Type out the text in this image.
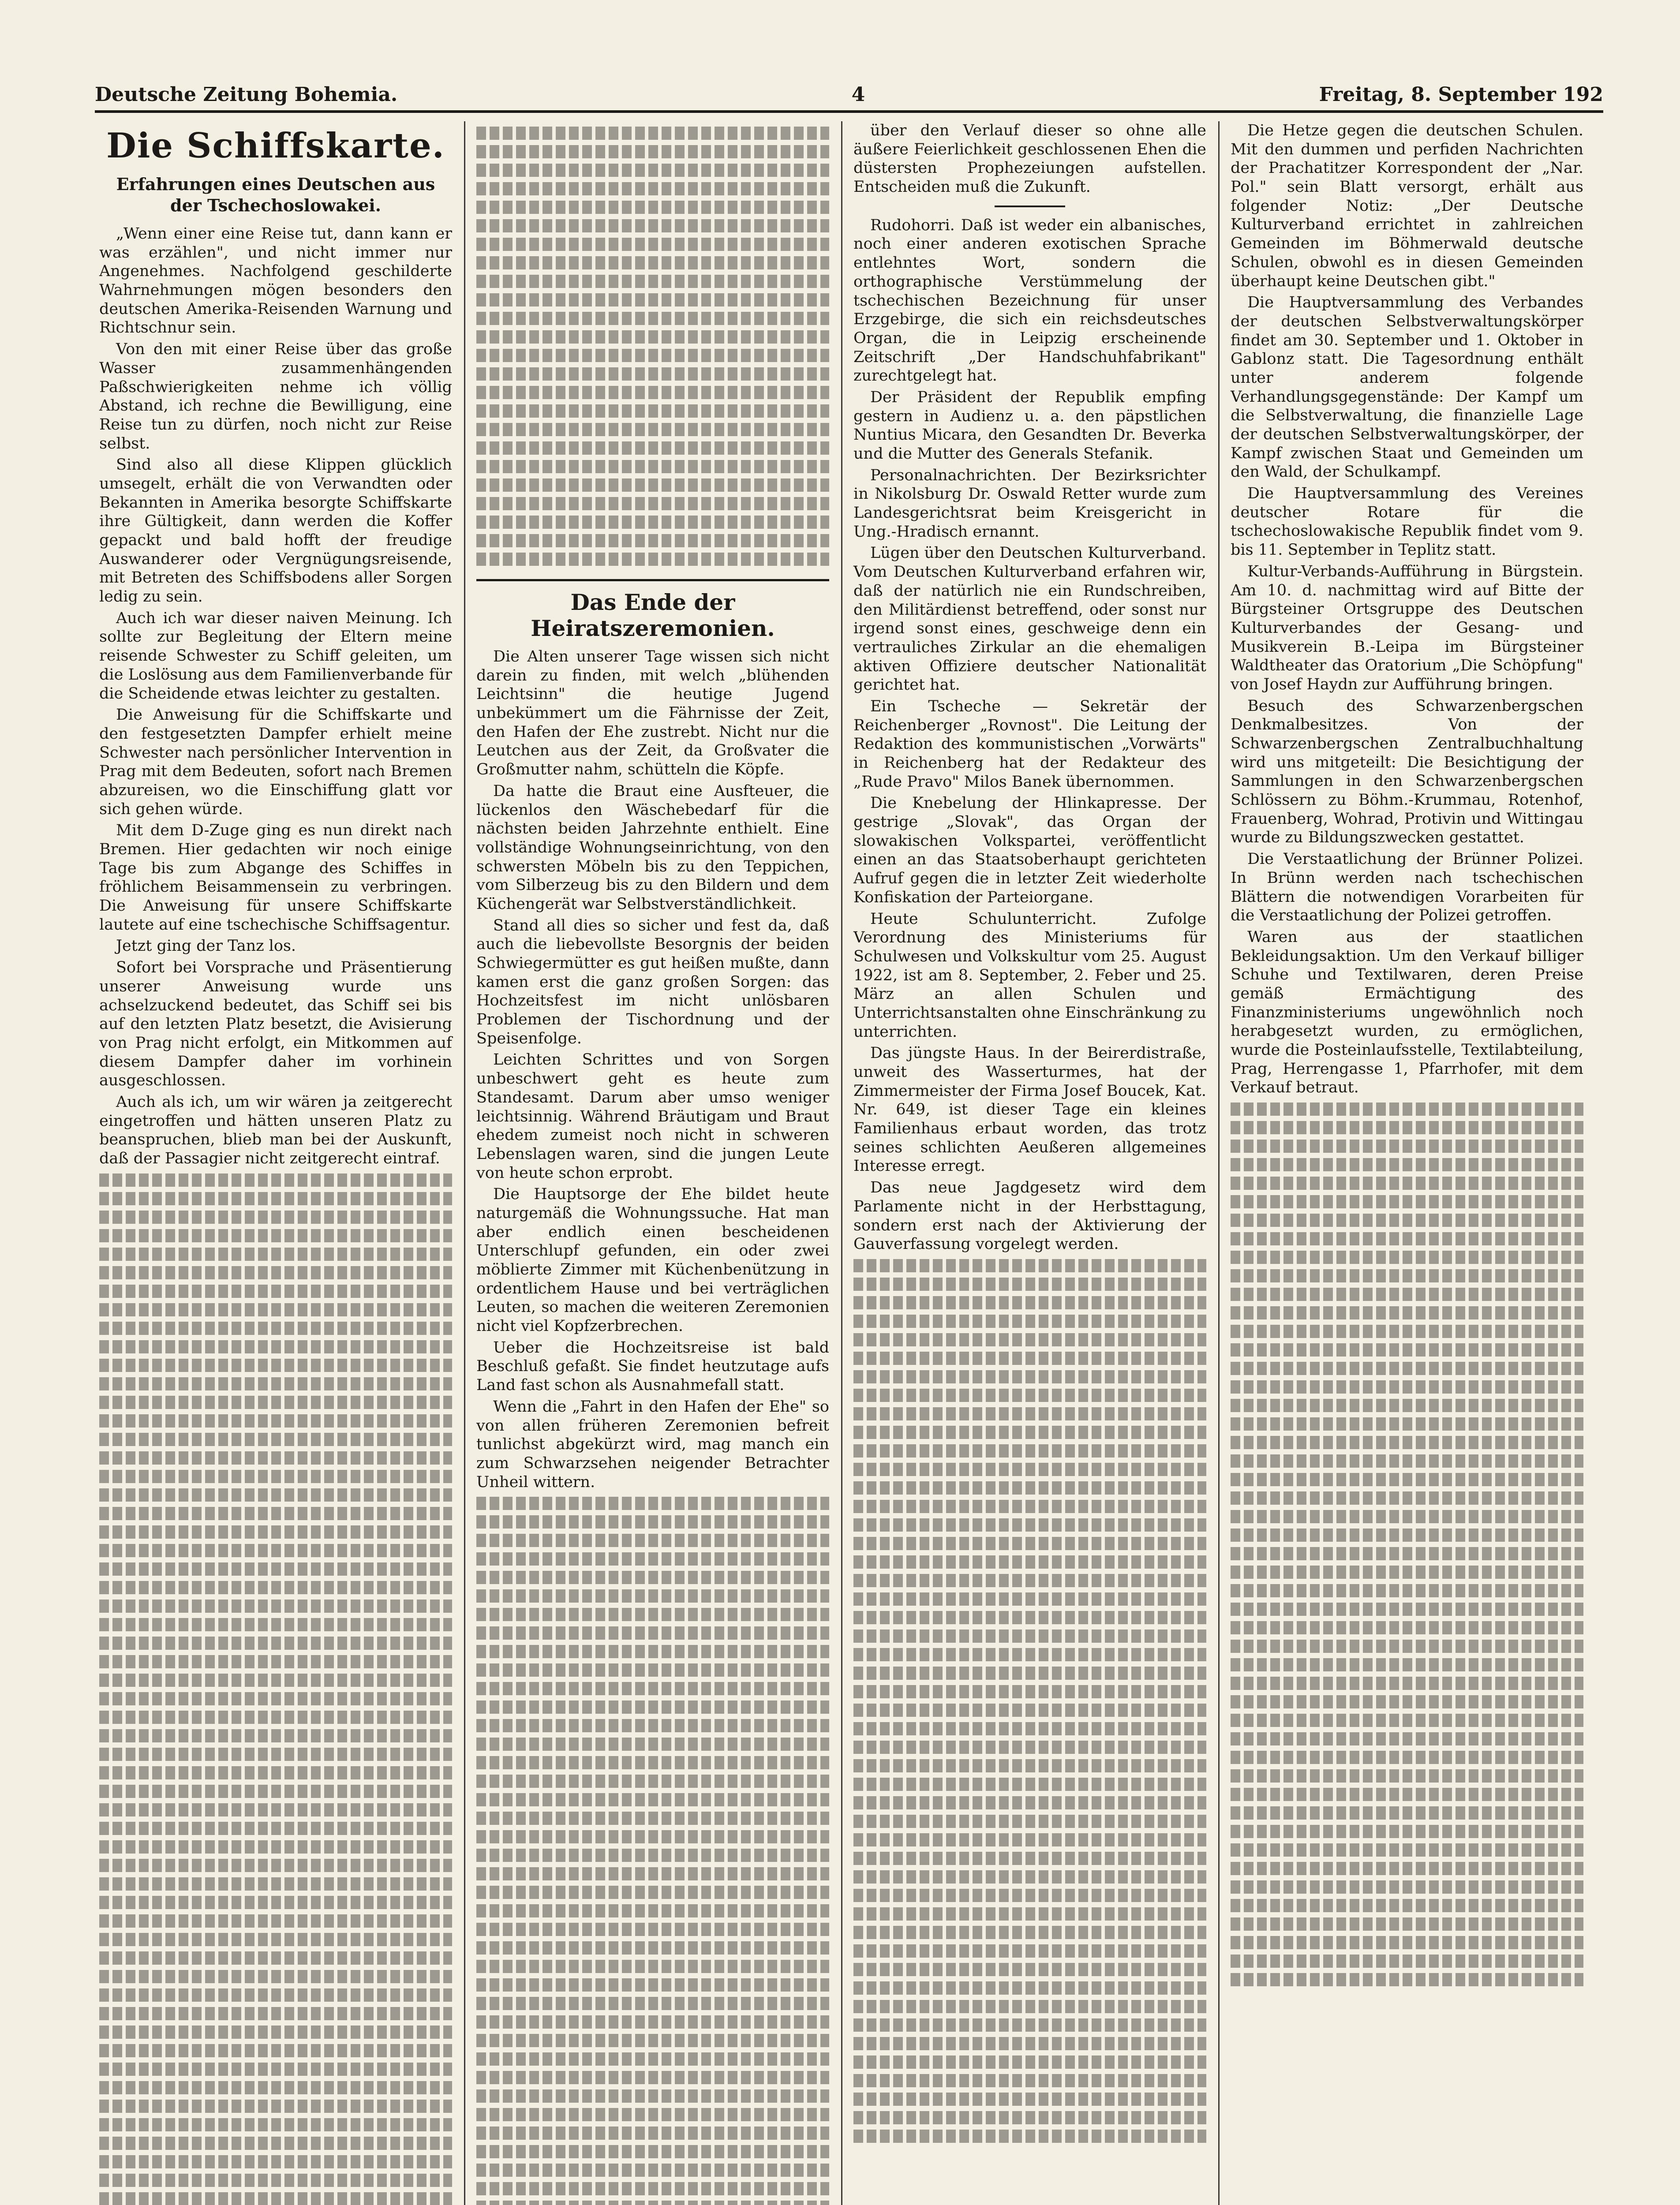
Deutsche Zeitung Bohemia.	4	Freitag, 8. September 192
Die Schiffskarte.
Erfahrungen eines Deutschen aus der Tschechoslowakei.

„Wenn einer eine Reise tut, dann kann er was erzählen", und nicht immer nur Angenehmes. Nachfolgend geschilderte Wahrnehmungen mögen besonders den deutschen Amerika-Reisenden Warnung und Richtschnur sein.

Von den mit einer Reise über das große Wasser zusammenhängenden Paßschwierigkeiten nehme ich völlig Abstand, ich rechne die Bewilligung, eine Reise tun zu dürfen, noch nicht zur Reise selbst.

Sind also all diese Klippen glücklich umsegelt, erhält die von Verwandten oder Bekannten in Amerika besorgte Schiffskarte ihre Gültigkeit, dann werden die Koffer gepackt und bald hofft der freudige Auswanderer oder Vergnügungsreisende, mit Betreten des Schiffsbodens aller Sorgen ledig zu sein.

Auch ich war dieser naiven Meinung. Ich sollte zur Begleitung der Eltern meine reisende Schwester zu Schiff geleiten, um die Loslösung aus dem Familienverbande für die Scheidende etwas leichter zu gestalten.

Die Anweisung für die Schiffskarte und den festgesetzten Dampfer erhielt meine Schwester nach persönlicher Intervention in Prag mit dem Bedeuten, sofort nach Bremen abzureisen, wo die Einschiffung glatt vor sich gehen würde.

Mit dem D-Zuge ging es nun direkt nach Bremen. Hier gedachten wir noch einige Tage bis zum Abgange des Schiffes in fröhlichem Beisammensein zu verbringen. Die Anweisung für unsere Schiffskarte lautete auf eine tschechische Schiffsagentur.

Jetzt ging der Tanz los.

Sofort bei Vorsprache und Präsentierung unserer Anweisung wurde uns achselzuckend bedeutet, das Schiff sei bis auf den letzten Platz besetzt, die Avisierung von Prag nicht erfolgt, ein Mitkommen auf diesem Dampfer daher im vorhinein ausgeschlossen.

Auch als ich, um wir wären ja zeitgerecht eingetroffen und hätten unseren Platz zu beanspruchen, blieb man bei der Auskunft, daß der Passagier nicht zeitgerecht eintraf.

Das Ende der Heiratszeremonien.

Die Alten unserer Tage wissen sich nicht darein zu finden, mit welch „blühenden Leichtsinn" die heutige Jugend unbekümmert um die Fährnisse der Zeit, den Hafen der Ehe zustrebt. Nicht nur die Leutchen aus der Zeit, da Großvater die Großmutter nahm, schütteln die Köpfe.

Da hatte die Braut eine Ausfteuer, die lückenlos den Wäschebedarf für die nächsten beiden Jahrzehnte enthielt. Eine vollständige Wohnungseinrichtung, von den schwersten Möbeln bis zu den Teppichen, vom Silberzeug bis zu den Bildern und dem Küchengerät war Selbstverständlichkeit.

Stand all dies so sicher und fest da, daß auch die liebevollste Besorgnis der beiden Schwiegermütter es gut heißen mußte, dann kamen erst die ganz großen Sorgen: das Hochzeitsfest im nicht unlösbaren Problemen der Tischordnung und der Speisenfolge.

Leichten Schrittes und von Sorgen unbeschwert geht es heute zum Standesamt. Darum aber umso weniger leichtsinnig. Während Bräutigam und Braut ehedem zumeist noch nicht in schweren Lebenslagen waren, sind die jungen Leute von heute schon erprobt.

Die Hauptsorge der Ehe bildet heute naturgemäß die Wohnungssuche. Hat man aber endlich einen bescheidenen Unterschlupf gefunden, ein oder zwei möblierte Zimmer mit Küchenbenützung in ordentlichem Hause und bei verträglichen Leuten, so machen die weiteren Zeremonien nicht viel Kopfzerbrechen.

Ueber die Hochzeitsreise ist bald Beschluß gefaßt. Sie findet heutzutage aufs Land fast schon als Ausnahmefall statt.

Wenn die „Fahrt in den Hafen der Ehe" so von allen früheren Zeremonien befreit tunlichst abgekürzt wird, mag manch ein zum Schwarzsehen neigender Betrachter Unheil wittern.

über den Verlauf dieser so ohne alle äußere Feierlichkeit geschlossenen Ehen die düstersten Prophezeiungen aufstellen. Entscheiden muß die Zukunft.

Rudohorri. Daß ist weder ein albanisches, noch einer anderen exotischen Sprache entlehntes Wort, sondern die orthographische Verstümmelung der tschechischen Bezeichnung für unser Erzgebirge, die sich ein reichsdeutsches Organ, die in Leipzig erscheinende Zeitschrift „Der Handschuhfabrikant" zurechtgelegt hat.

Der Präsident der Republik empfing gestern in Audienz u. a. den päpstlichen Nuntius Micara, den Gesandten Dr. Beverka und die Mutter des Generals Stefanik.

Personalnachrichten. Der Bezirksrichter in Nikolsburg Dr. Oswald Retter wurde zum Landesgerichtsrat beim Kreisgericht in Ung.-Hradisch ernannt.

Lügen über den Deutschen Kulturverband. Vom Deutschen Kulturverband erfahren wir, daß der natürlich nie ein Rundschreiben, den Militärdienst betreffend, oder sonst nur irgend sonst eines, geschweige denn ein vertrauliches Zirkular an die ehemaligen aktiven Offiziere deutscher Nationalität gerichtet hat.

Ein Tscheche — Sekretär der Reichenberger „Rovnost". Die Leitung der Redaktion des kommunistischen „Vorwärts" in Reichenberg hat der Redakteur des „Rude Pravo" Milos Banek übernommen.

Die Knebelung der Hlinkapresse. Der gestrige „Slovak", das Organ der slowakischen Volkspartei, veröffentlicht einen an das Staatsoberhaupt gerichteten Aufruf gegen die in letzter Zeit wiederholte Konfiskation der Parteiorgane.

Heute Schulunterricht. Zufolge Verordnung des Ministeriums für Schulwesen und Volkskultur vom 25. August 1922, ist am 8. September, 2. Feber und 25. März an allen Schulen und Unterrichtsanstalten ohne Einschränkung zu unterrichten.

Das jüngste Haus. In der Beirerdistraße, unweit des Wasserturmes, hat der Zimmermeister der Firma Josef Boucek, Kat. Nr. 649, ist dieser Tage ein kleines Familienhaus erbaut worden, das trotz seines schlichten Aeußeren allgemeines Interesse erregt.

Das neue Jagdgesetz wird dem Parlamente nicht in der Herbsttagung, sondern erst nach der Aktivierung der Gauverfassung vorgelegt werden.

Die Hetze gegen die deutschen Schulen. Mit den dummen und perfiden Nachrichten der Prachatitzer Korrespondent der „Nar. Pol." sein Blatt versorgt, erhält aus folgender Notiz: „Der Deutsche Kulturverband errichtet in zahlreichen Gemeinden im Böhmerwald deutsche Schulen, obwohl es in diesen Gemeinden überhaupt keine Deutschen gibt."

Die Hauptversammlung des Verbandes der deutschen Selbstverwaltungskörper findet am 30. September und 1. Oktober in Gablonz statt. Die Tagesordnung enthält unter anderem folgende Verhandlungsgegenstände: Der Kampf um die Selbstverwaltung, die finanzielle Lage der deutschen Selbstverwaltungskörper, der Kampf zwischen Staat und Gemeinden um den Wald, der Schulkampf.

Die Hauptversammlung des Vereines deutscher Rotare für die tschechoslowakische Republik findet vom 9. bis 11. September in Teplitz statt.

Kultur-Verbands-Aufführung in Bürgstein. Am 10. d. nachmittag wird auf Bitte der Bürgsteiner Ortsgruppe des Deutschen Kulturverbandes der Gesang- und Musikverein B.-Leipa im Bürgsteiner Waldtheater das Oratorium „Die Schöpfung" von Josef Haydn zur Aufführung bringen.

Besuch des Schwarzenbergschen Denkmalbesitzes. Von der Schwarzenbergschen Zentralbuchhaltung wird uns mitgeteilt: Die Besichtigung der Sammlungen in den Schwarzenbergschen Schlössern zu Böhm.-Krummau, Rotenhof, Frauenberg, Wohrad, Protivin und Wittingau wurde zu Bildungszwecken gestattet.

Die Verstaatlichung der Brünner Polizei. In Brünn werden nach tschechischen Blättern die notwendigen Vorarbeiten für die Verstaatlichung der Polizei getroffen.

Waren aus der staatlichen Bekleidungsaktion. Um den Verkauf billiger Schuhe und Textilwaren, deren Preise gemäß Ermächtigung des Finanzministeriums ungewöhnlich noch herabgesetzt wurden, zu ermöglichen, wurde die Posteinlaufsstelle, Textilabteilung, Prag, Herrengasse 1, Pfarrhofer, mit dem Verkauf betraut.
